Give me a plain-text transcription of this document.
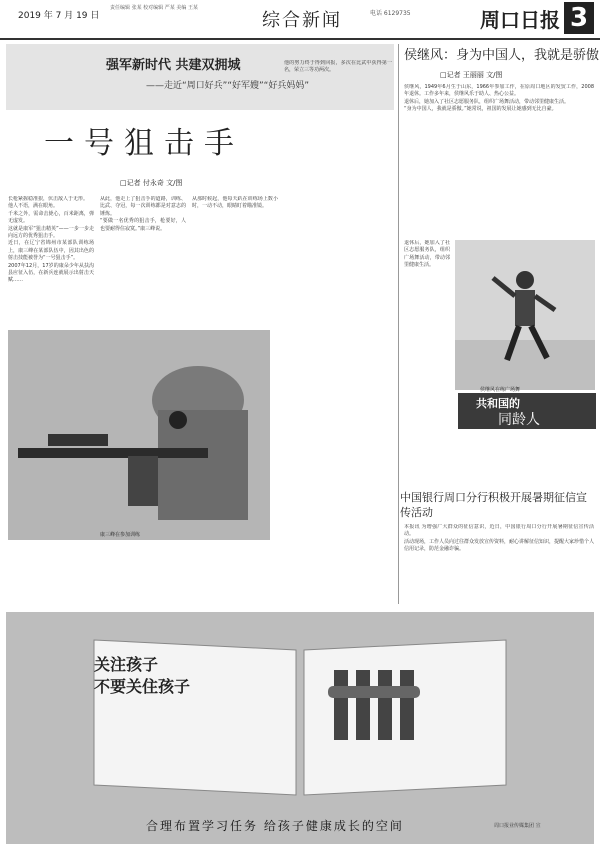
2019 年 7 月 19 日
责任编辑 张某 校对编辑 严某 美编 王某
综合新闻	电话 6129735	周口日报 3
强军新时代 共建双拥城
——走近“周口好兵”“好军嫂”“好兵妈妈”
一号狙击手
□记者 付永奇 文/图

长枪紧握稳准狠，伏击敌人于无形。

他人不语，满在眼角。

千米之外，需命击毙心，百米距离，弹无虚发。

这就是康军“狙击精英”——一步一步走向远方的优秀狙击手。

近日，在辽宁省锦州市某部队训练场上，康三峰在某部队伍中，因其出色的射击技能被誉为“一号狙击手”。

2007年12月，17岁的康朵少年从扶沟县应征入伍，在新兵连就展示出射击天赋……

从此，他走上了狙击手的道路，训练、比武、夺冠，每一次训练都是对意志的锤炼。

“要做一名优秀的狙击手，枪要好，人也要耐得住寂寞。”康三峰说。

从那时候起，他每天趴在训练场上数小时，一动不动，眼睛盯着瞄准镜。

他的努力终于得到回报，多次在比武中获得第一名，荣立三等功两次。

康三峰在参加训练
侯继风：身为中国人，我就是骄傲
□记者 王丽丽 文/图

侯继风，1949年6月生于山东，1966年参加工作，在原周口地区的发贸工作，2008年退休。工作多年来，侯继风乐于助人、热心公益。

退休后，她加入了社区志愿服务队，组织广场舞活动，带动邻里健康生活。

“身为中国人，我就是骄傲。”她常说，祖国的发展让她感到无比自豪。

退休后，她加入了社区志愿服务队，组织广场舞活动，带动邻里健康生活。

侯继风在练广场舞
共和国的
同龄人
中国银行周口分行积极开展暑期征信宣传活动

本报讯 为增强广大群众的征信意识，近日，中国银行周口分行开展暑期征信宣传活动。

活动现场，工作人员向过往群众发放宣传资料，耐心讲解征信知识，提醒大家珍惜个人信用记录，防范金融诈骗。

关注孩子
不要关住孩子
合理布置学习任务 给孩子健康成长的空间	周口报业传媒集团 宣
